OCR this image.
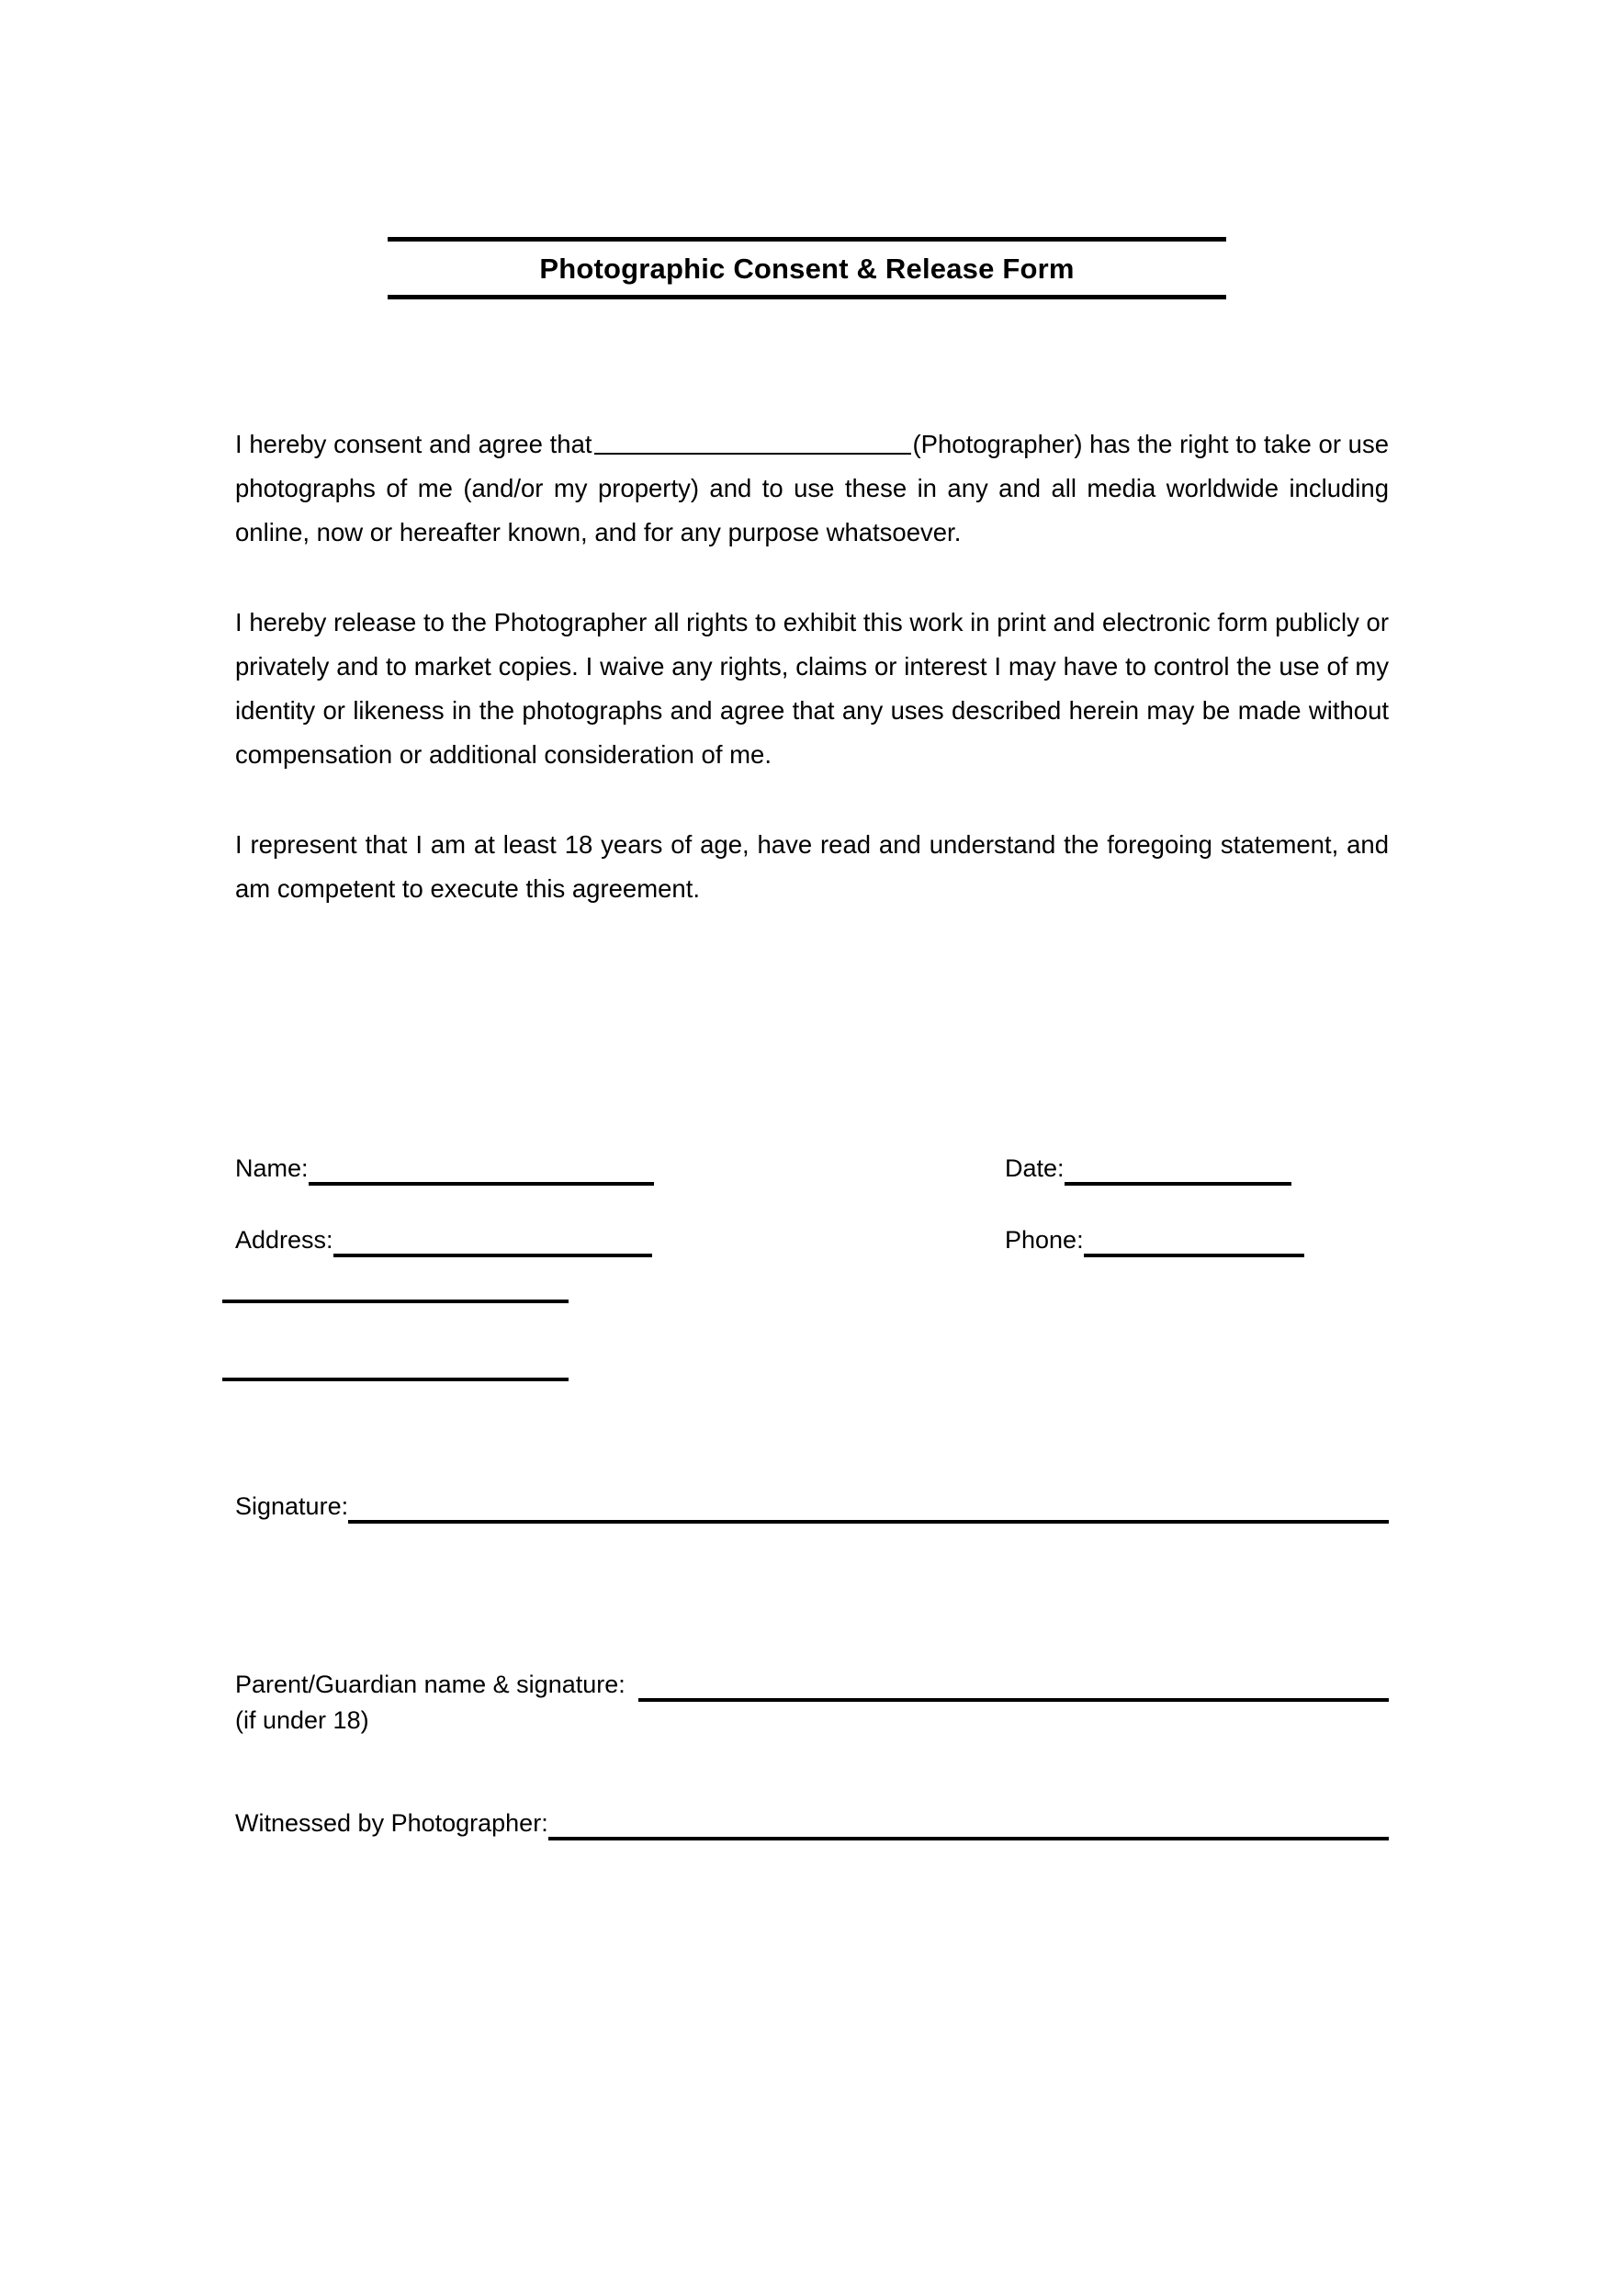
Photographic Consent & Release Form

I hereby consent and agree that	(Photographer) has the right to take or use photographs of me (and/or my property) and to use these in any and all media worldwide including online, now or hereafter known, and for any purpose whatsoever.

I hereby release to the Photographer all rights to exhibit this work in print and electronic form publicly or privately and to market copies. I waive any rights, claims or interest I may have to control the use of my identity or likeness in the photographs and agree that any uses described herein may be made without compensation or additional consideration of me.

I represent that I am at least 18 years of age, have read and understand the foregoing statement, and am competent to execute this agreement.

Name:	Date:
Address:	Phone:
Signature:
Parent/Guardian name & signature:
(if under 18)
Witnessed by Photographer:
